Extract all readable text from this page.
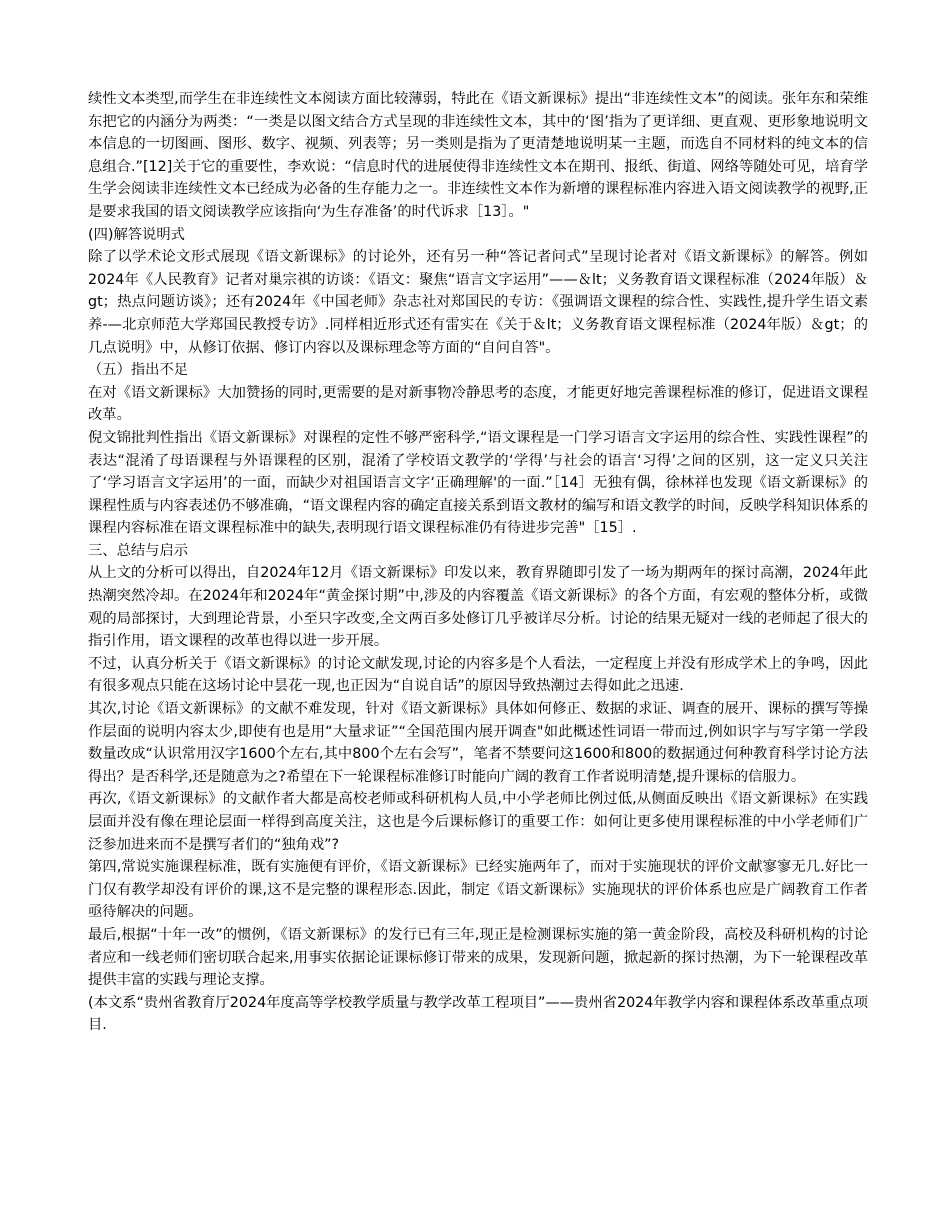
续性文本类型,而学生在非连续性文本阅读方面比较薄弱，特此在《语文新课标》提出“非连续性文本”的阅读。张年东和荣维东把它的内涵分为两类：“一类是以图文结合方式呈现的非连续性文本，其中的‘图’指为了更详细、更直观、更形象地说明文本信息的一切图画、图形、数字、视频、列表等；另一类则是指为了更清楚地说明某一主题，而选自不同材料的纯文本的信息组合.”[12]关于它的重要性，李欢说：“信息时代的进展使得非连续性文本在期刊、报纸、街道、网络等随处可见，培育学生学会阅读非连续性文本已经成为必备的生存能力之一。非连续性文本作为新增的课程标准内容进入语文阅读教学的视野,正是要求我国的语文阅读教学应该指向‘为生存准备’的时代诉求［13］。"

(四)解答说明式

除了以学术论文形式展现《语文新课标》的讨论外，还有另一种“答记者问式”呈现讨论者对《语文新课标》的解答。例如2024年《人民教育》记者对巢宗祺的访谈：《语文：聚焦“语言文字运用”——＆lt；义务教育语文课程标准（2024年版）＆gt；热点问题访谈》；还有2024年《中国老师》杂志社对郑国民的专访：《强调语文课程的综合性、实践性,提升学生语文素养-—北京师范大学郑国民教授专访》.同样相近形式还有雷实在《关于＆lt；义务教育语文课程标准（2024年版）＆gt；的几点说明》中，从修订依据、修订内容以及课标理念等方面的“自问自答"。

（五）指出不足

在对《语文新课标》大加赞扬的同时,更需要的是对新事物冷静思考的态度，才能更好地完善课程标准的修订，促进语文课程改革。

倪文锦批判性指出《语文新课标》对课程的定性不够严密科学,“语文课程是一门学习语言文字运用的综合性、实践性课程”的表达“混淆了母语课程与外语课程的区别，混淆了学校语文教学的‘学得’与社会的语言‘习得’之间的区别，这一定义只关注了‘学习语言文字运用’的一面，而缺少对祖国语言文字‘正确理解'的一面.”［14］无独有偶，徐林祥也发现《语文新课标》的课程性质与内容表述仍不够准确，“语文课程内容的确定直接关系到语文教材的编写和语文教学的时间，反映学科知识体系的课程内容标准在语文课程标准中的缺失,表明现行语文课程标准仍有待进步完善"［15］.

三、总结与启示

从上文的分析可以得出，自2024年12月《语文新课标》印发以来，教育界随即引发了一场为期两年的探讨高潮，2024年此热潮突然冷却。在2024年和2024年“黄金探讨期”中,涉及的内容覆盖《语文新课标》的各个方面，有宏观的整体分析，或微观的局部探讨，大到理论背景，小至只字改变,全文两百多处修订几乎被详尽分析。讨论的结果无疑对一线的老师起了很大的指引作用，语文课程的改革也得以进一步开展。

不过，认真分析关于《语文新课标》的讨论文献发现,讨论的内容多是个人看法，一定程度上并没有形成学术上的争鸣，因此有很多观点只能在这场讨论中昙花一现,也正因为“自说自话”的原因导致热潮过去得如此之迅速.

其次,讨论《语文新课标》的文献不难发现，针对《语文新课标》具体如何修正、数据的求证、调查的展开、课标的撰写等操作层面的说明内容太少,即使有也是用“大量求证”“全国范围内展开调查"如此概述性词语一带而过,例如识字与写字第一学段数量改成“认识常用汉字1600个左右,其中800个左右会写”，笔者不禁要问这1600和800的数据通过何种教育科学讨论方法得出？是否科学,还是随意为之?希望在下一轮课程标准修订时能向广阔的教育工作者说明清楚,提升课标的信服力。

再次,《语文新课标》的文献作者大都是高校老师或科研机构人员,中小学老师比例过低,从侧面反映出《语文新课标》在实践层面并没有像在理论层面一样得到高度关注，这也是今后课标修订的重要工作：如何让更多使用课程标准的中小学老师们广泛参加进来而不是撰写者们的“独角戏”?

第四,常说实施课程标准，既有实施便有评价，《语文新课标》已经实施两年了，而对于实施现状的评价文献寥寥无几.好比一门仅有教学却没有评价的课,这不是完整的课程形态.因此，制定《语文新课标》实施现状的评价体系也应是广阔教育工作者亟待解决的问题。

最后,根据“十年一改”的惯例，《语文新课标》的发行已有三年,现正是检测课标实施的第一黄金阶段，高校及科研机构的讨论者应和一线老师们密切联合起来,用事实依据论证课标修订带来的成果，发现新问题，掀起新的探讨热潮，为下一轮课程改革提供丰富的实践与理论支撑。

(本文系“贵州省教育厅2024年度高等学校教学质量与教学改革工程项目”——贵州省2024年教学内容和课程体系改革重点项目.
